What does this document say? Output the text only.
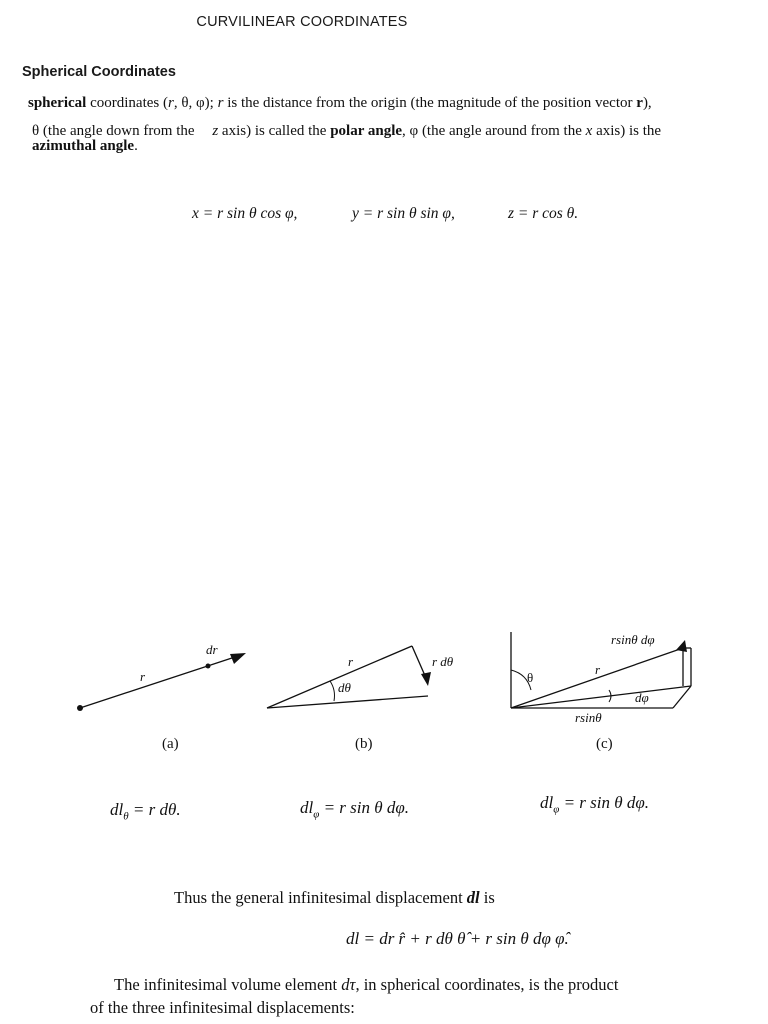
CURVILINEAR COORDINATES
Spherical Coordinates
spherical coordinates (r, θ, φ); r is the distance from the origin (the magnitude of the position vector r),
θ (the angle down from the z axis) is called the polar angle, φ (the angle around from the x axis) is the
azimuthal angle.
x = r sin θ cos φ,	y = r sin θ sin φ,	z = r cos θ.
r
dr
(a)
r
dθ
r dθ
(b)
θ
r
rsinθ dφ
dφ
rsinθ
(c)
$dl_\theta = r$ dθ.	$dl_\varphi = r$ sin θ dφ.	$dl_\varphi = r$ sin θ dφ.
Thus the general infinitesimal displacement dl is
dl = dr r̂ + r dθ θ̂ + r sin θ dφ φ̂.
The infinitesimal volume element dτ, in spherical coordinates, is the product
of the three infinitesimal displacements:
